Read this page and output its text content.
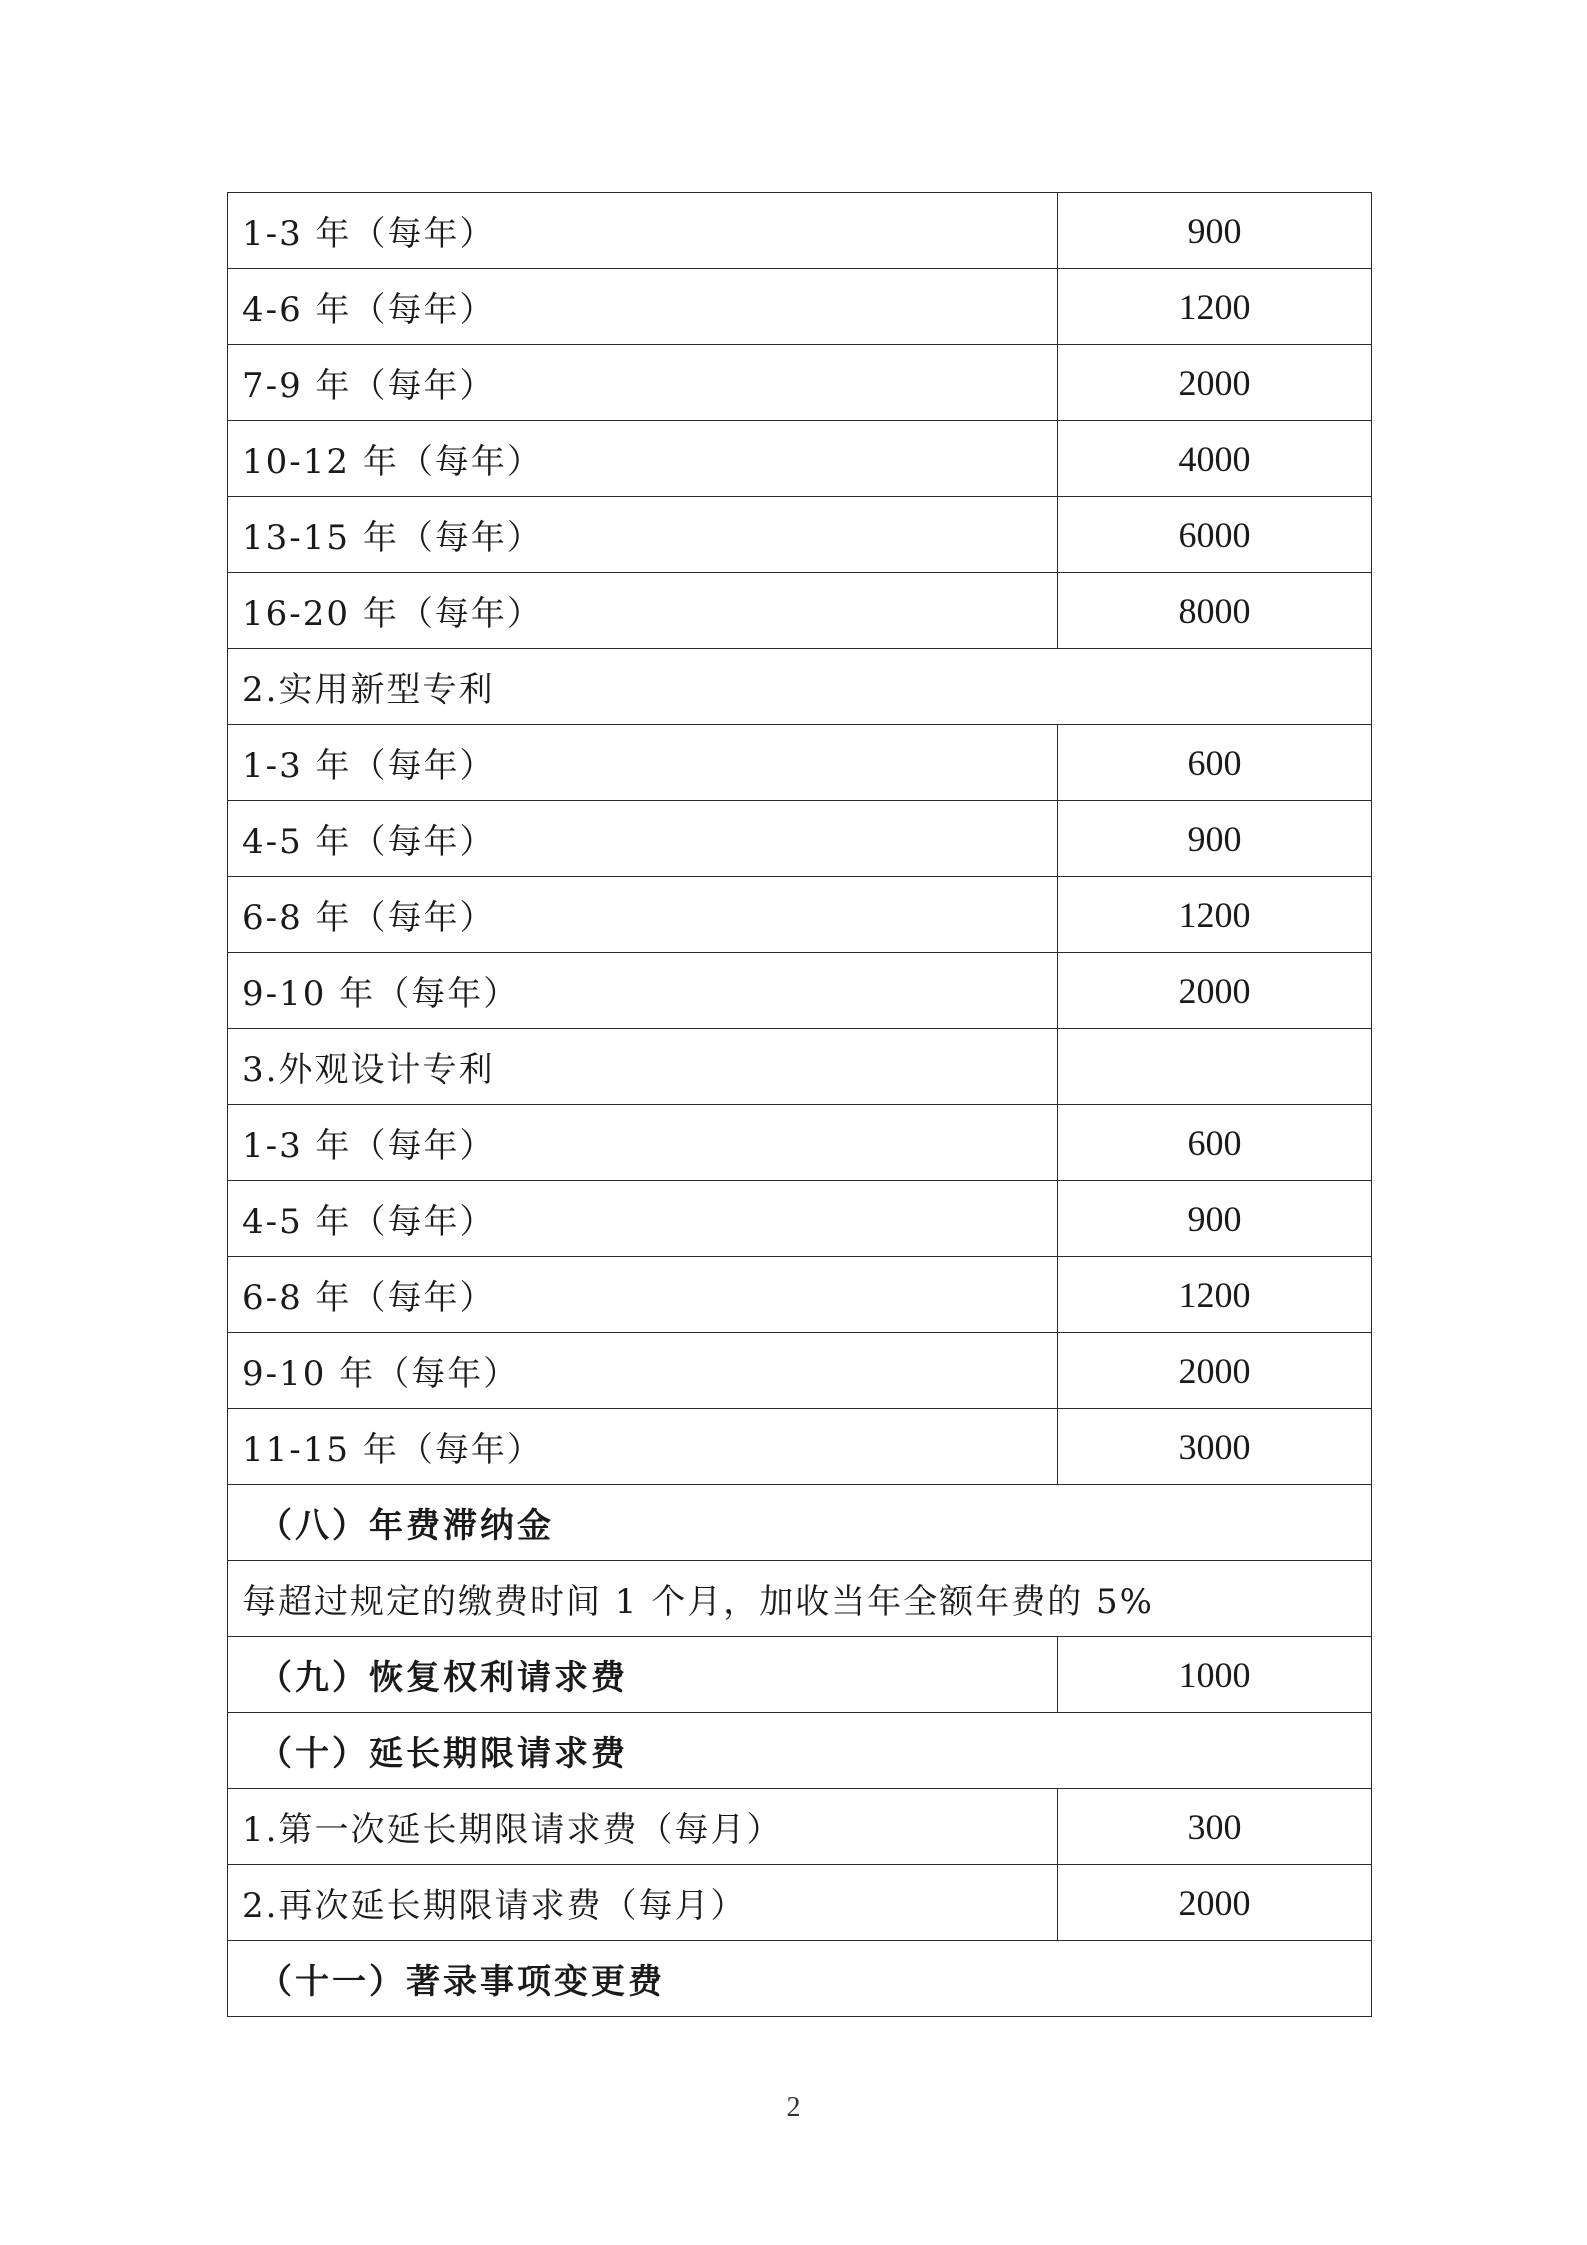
1-3 年（每年）	900
4-6 年（每年）	1200
7-9 年（每年）	2000
10-12 年（每年）	4000
13-15 年（每年）	6000
16-20 年（每年）	8000
2.实用新型专利	
1-3 年（每年）	600
4-5 年（每年）	900
6-8 年（每年）	1200
9-10 年（每年）	2000
3.外观设计专利	
1-3 年（每年）	600
4-5 年（每年）	900
6-8 年（每年）	1200
9-10 年（每年）	2000
11-15 年（每年）	3000
（八）年费滞纳金	
每超过规定的缴费时间 1 个月，加收当年全额年费的 5%	
（九）恢复权利请求费	1000
（十）延长期限请求费	
1.第一次延长期限请求费（每月）	300
2.再次延长期限请求费（每月）	2000
（十一）著录事项变更费	
2
